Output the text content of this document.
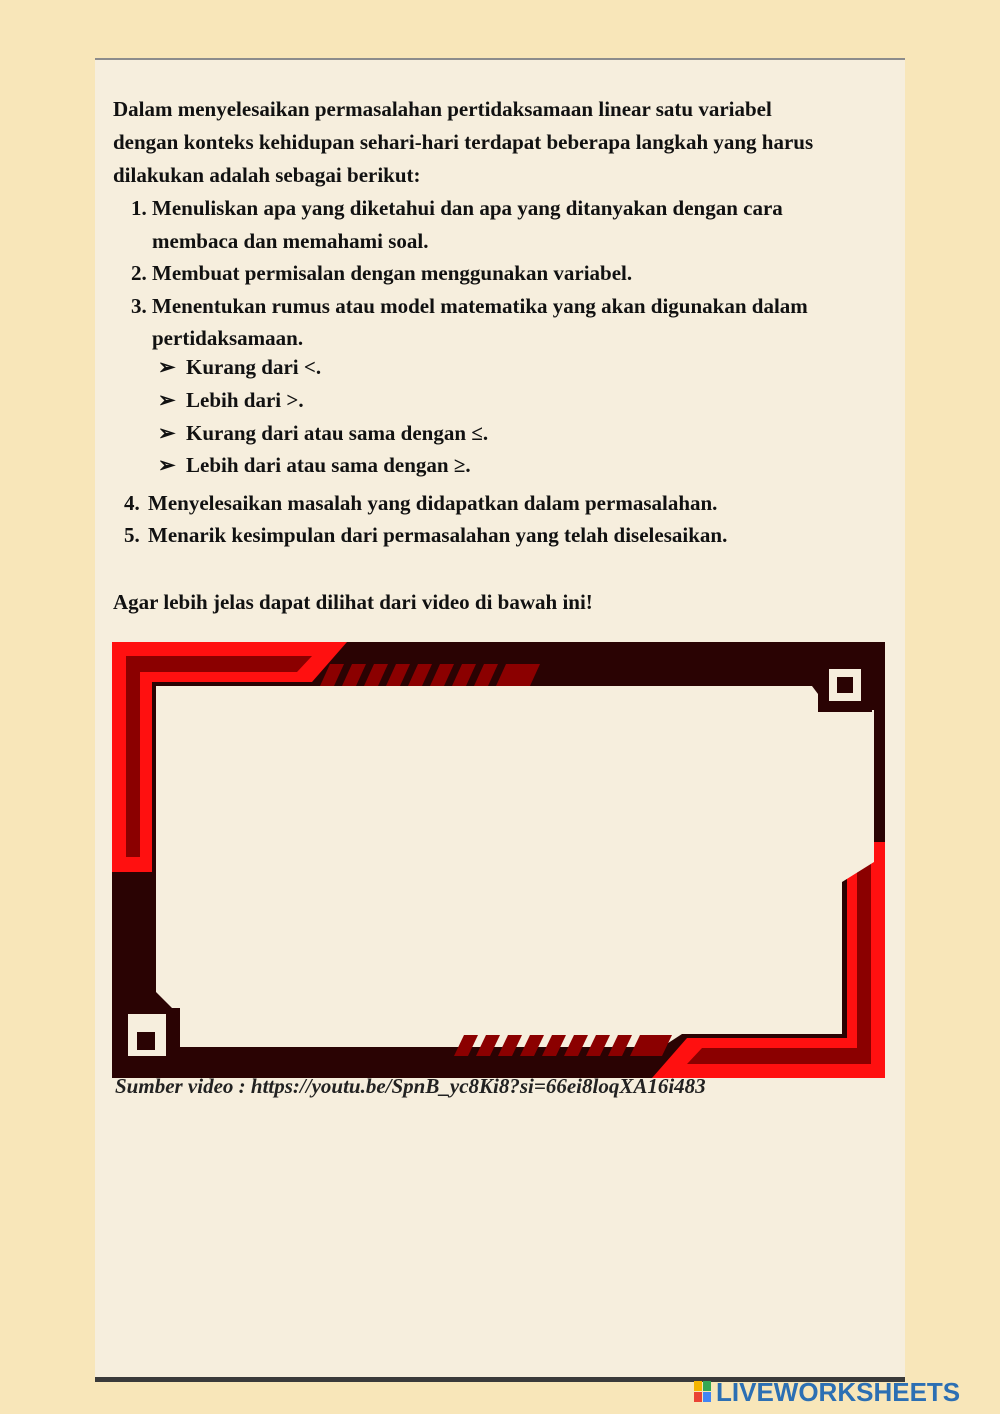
Dalam menyelesaikan permasalahan pertidaksamaan linear satu variabel

dengan konteks kehidupan sehari-hari terdapat beberapa langkah yang harus

dilakukan adalah sebagai berikut:

1. Menuliskan apa yang diketahui dan apa yang ditanyakan dengan cara
membaca dan memahami soal.
2. Membuat permisalan dengan menggunakan variabel.
3. Menentukan rumus atau model matematika yang akan digunakan dalam
pertidaksamaan.
➢ Kurang dari <.
➢ Lebih dari >.
➢ Kurang dari atau sama dengan ≤.
➢ Lebih dari atau sama dengan ≥.
4. Menyelesaikan masalah yang didapatkan dalam permasalahan.
5. Menarik kesimpulan dari permasalahan yang telah diselesaikan.

Agar lebih jelas dapat dilihat dari video di bawah ini!

Sumber video : https://youtu.be/SpnB_yc8Ki8?si=66ei8loqXA16i483

LIVEWORKSHEETS
